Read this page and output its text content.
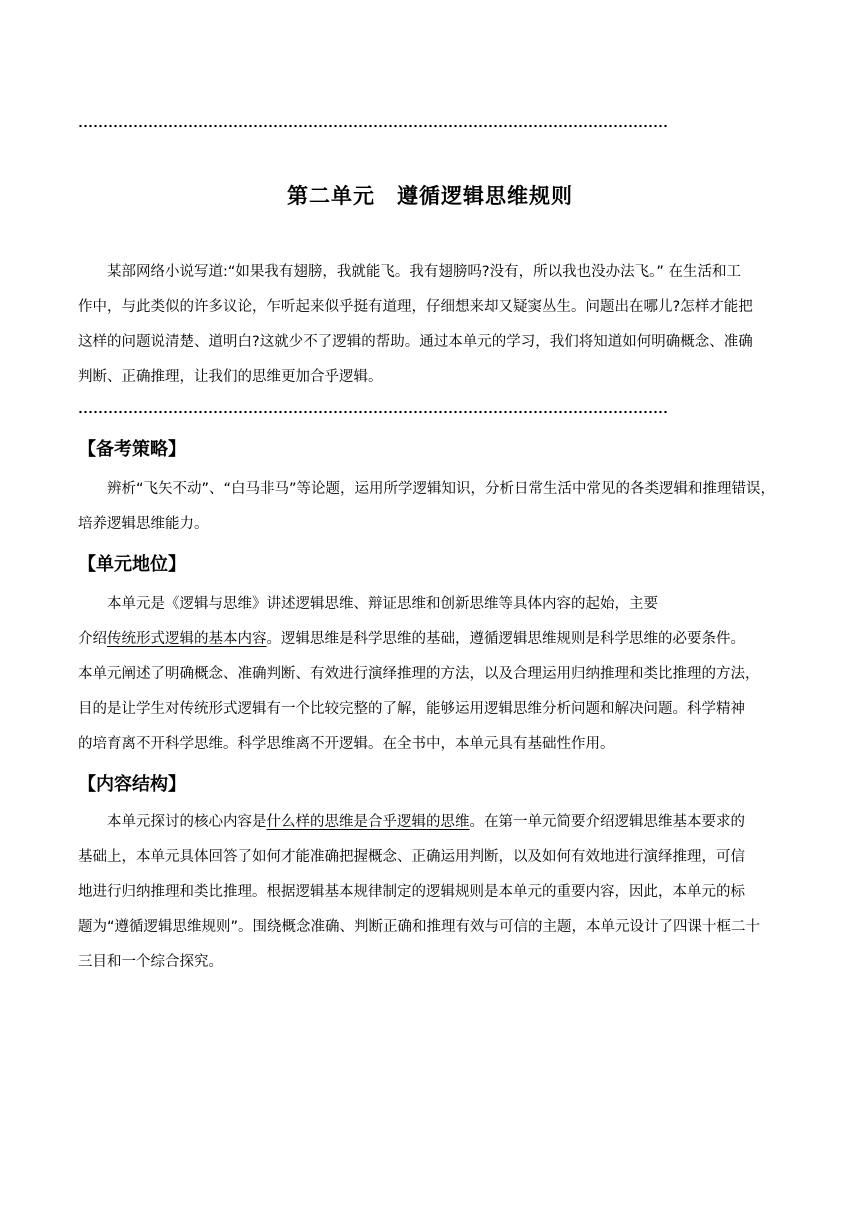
第二单元　遵循逻辑思维规则

某部网络小说写道:“如果我有翅膀，我就能飞。我有翅膀吗?没有，所以我也没办法飞。” 在生活和工
作中，与此类似的许多议论，乍听起来似乎挺有道理，仔细想来却又疑窦丛生。问题出在哪儿?怎样才能把
这样的问题说清楚、道明白?这就少不了逻辑的帮助。通过本单元的学习，我们将知道如何明确概念、准确
判断、正确推理，让我们的思维更加合乎逻辑。

【备考策略】

辨析“飞矢不动”、“白马非马”等论题，运用所学逻辑知识，分析日常生活中常见的各类逻辑和推理错误，
培养逻辑思维能力。

【单元地位】

本单元是《逻辑与思维》讲述逻辑思维、辩证思维和创新思维等具体内容的起始，主要
介绍传统形式逻辑的基本内容。逻辑思维是科学思维的基础，遵循逻辑思维规则是科学思维的必要条件。
本单元阐述了明确概念、准确判断、有效进行演绎推理的方法，以及合理运用归纳推理和类比推理的方法，
目的是让学生对传统形式逻辑有一个比较完整的了解，能够运用逻辑思维分析问题和解决问题。科学精神
的培育离不开科学思维。科学思维离不开逻辑。在全书中，本单元具有基础性作用。

【内容结构】

本单元探讨的核心内容是什么样的思维是合乎逻辑的思维。在第一单元简要介绍逻辑思维基本要求的
基础上，本单元具体回答了如何才能准确把握概念、正确运用判断，以及如何有效地进行演绎推理，可信
地进行归纳推理和类比推理。根据逻辑基本规律制定的逻辑规则是本单元的重要内容，因此，本单元的标
题为“遵循逻辑思维规则”。围绕概念准确、判断正确和推理有效与可信的主题，本单元设计了四课十框二十
三目和一个综合探究。
